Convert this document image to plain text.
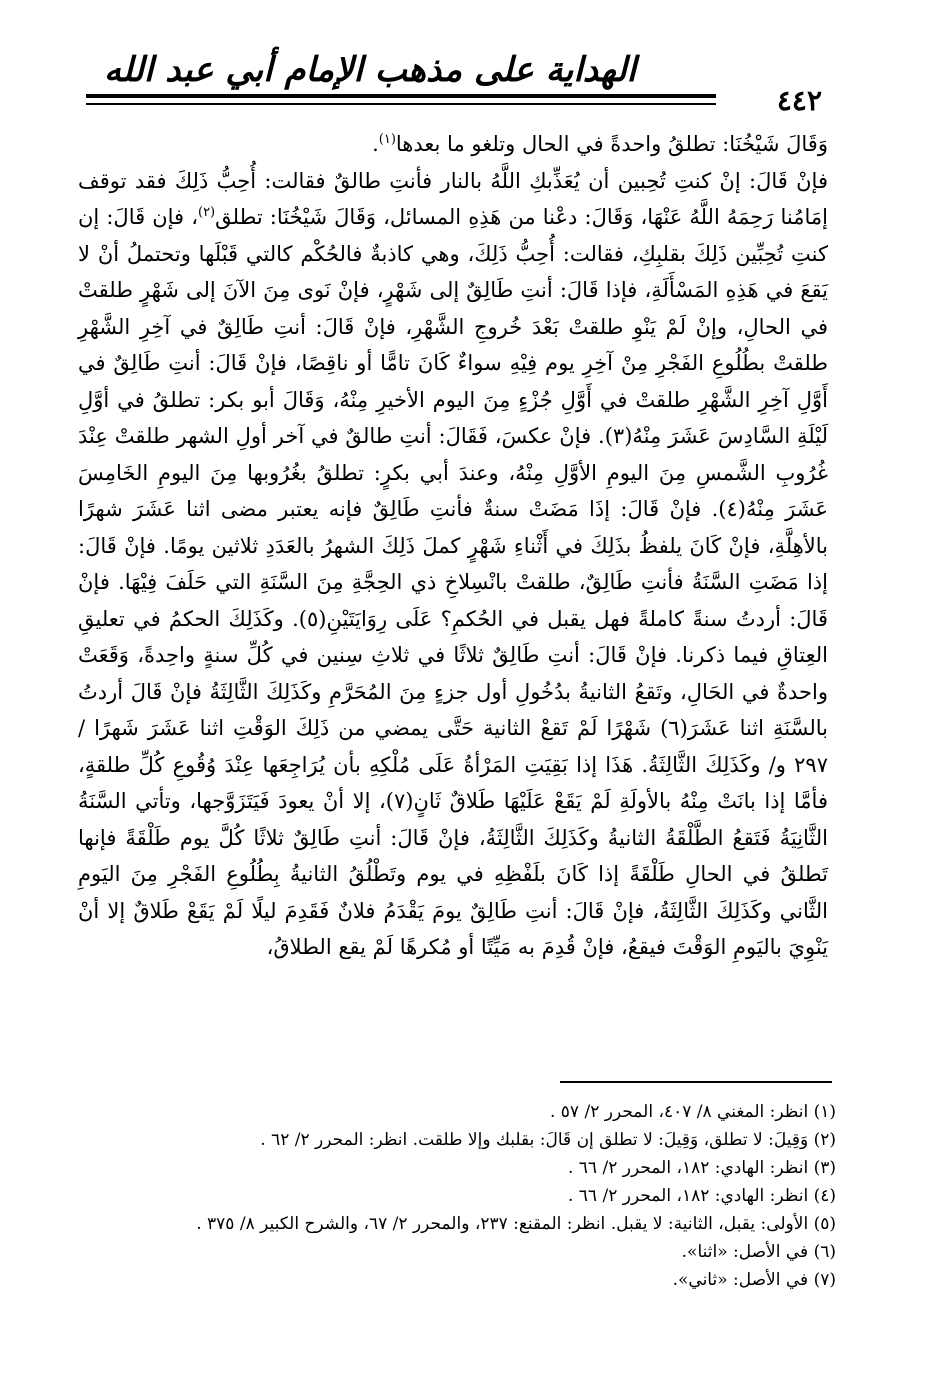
الهداية على مذهب الإمام أبي عبد الله
٤٤٢

وَقَالَ شَيْخُنَا: تطلقُ واحدةً في الحال وتلغو ما بعدها$^{(١)}$.

فإنْ قَالَ: إنْ كنتِ تُحِبين أن يُعَذِّبكِ اللَّهُ بالنار فأنتِ طالقٌ فقالت: أُحِبُّ ذَلِكَ فقد توقف إمَامُنا رَحِمَهُ اللَّهُ عَنْهَا، وَقَالَ: دعْنا من هَذِهِ المسائل، وَقَالَ شَيْخُنَا: تطلق$^{(٢)}$، فإن قَالَ: إن كنتِ تُحِبِّين ذَلِكَ بقلبِكِ، فقالت: أُحِبُّ ذَلِكَ، وهي كاذبةٌ فالحُكْم كالتي قَبْلَها وتحتملُ أنْ لا يَقعَ في هَذِهِ المَسْأَلَةِ، فإذا قَالَ: أنتِ طَالِقٌ إلى شَهْرٍ، فإنْ نَوى مِنَ الآنَ إلى شَهْرٍ طلقتْ في الحالِ، وإنْ لَمْ يَنْوِ طلقتْ بَعْدَ خُروجِ الشَّهْرِ، فإنْ قَالَ: أنتِ طَالِقٌ في آخِرِ الشَّهْرِ طلقتْ بطُلُوعِ الفَجْرِ مِنْ آخِرِ يوم فِيْهِ سواءٌ كَانَ تامًّا أو ناقِصًا، فإنْ قَالَ: أنتِ طَالِقٌ في أَوَّلِ آخِرِ الشَّهْرِ طلقتْ في أَوَّلِ جُزْءٍ مِنَ اليوم الأخيرِ مِنْهُ، وَقَالَ أبو بكر: تطلقُ في أوَّلِ لَيْلَةِ السَّادِسَ عَشَرَ مِنْهُ(٣). فإنْ عكسَ، فَقَالَ: أنتِ طالقٌ في آخر أولِ الشهر طلقتْ عِنْدَ غُرُوبِ الشَّمسِ مِنَ اليومِ الأوَّلِ مِنْهُ، وعندَ أبي بكرٍ: تطلقُ بغُرُوبها مِنَ اليومِ الخَامِسَ عَشَرَ مِنْهُ(٤). فإنْ قَالَ: إذَا مَضَتْ سنةٌ فأنتِ طَالِقٌ فإنه يعتبر مضى اثنا عَشَرَ شهرًا بالأهِلَّةِ، فإنْ كَانَ يلفظُ بذَلِكَ في أَثْناءِ شَهْرٍ كملَ ذَلِكَ الشهرُ بالعَدَدِ ثلاثين يومًا. فإنْ قَالَ: إذا مَضَتِ السَّنَةُ فأنتِ طَالِقٌ، طلقتْ بانْسِلاخِ ذي الحِجَّةِ مِنَ السَّنَةِ التي حَلَفَ فِيْهَا. فإنْ قَالَ: أردتُ سنةً كاملةً فهل يقبل في الحُكمِ؟ عَلَى رِوَايَتَيْنِ(٥). وكَذَلِكَ الحكمُ في تعليقِ العِتاقِ فيما ذكرنا. فإنْ قَالَ: أنتِ طَالِقٌ ثلاثًا في ثلاثِ سِنين في كُلِّ سنةٍ واحِدةً، وَقَعَتْ واحدةٌ في الحَالِ، وتَقعُ الثانيةُ بدُخُولِ أول جزءٍ مِنَ المُحَرَّمِ وكَذَلِكَ الثَّالِثَةُ فإنْ قَالَ أردتُ بالسَّنَةِ اثنا عَشَرَ(٦) شَهْرًا لَمْ تَقعْ الثانية حَتَّى يمضي من ذَلِكَ الوَقْتِ اثنا عَشَرَ شَهرًا / ٢٩٧ و/ وكَذَلِكَ الثَّالِثَةُ. هَذَا إذا بَقِيَتِ المَرْأةُ عَلَى مُلْكِهِ بأن يُرَاجِعَها عِنْدَ وُقُوعِ كُلِّ طلقةٍ، فأمَّا إذا بانَتْ مِنْهُ بالأولَةِ لَمْ يَقَعْ عَلَيْهَا طَلاقٌ ثَانٍ(٧)، إلا أنْ يعودَ فَيَتَزَوَّجها، وتأتي السَّنَةُ الثَّانِيَةُ فَتَقعُ الطَّلْقَةُ الثانيةُ وكَذَلِكَ الثَّالِثَةُ، فإنْ قَالَ: أنتِ طَالِقٌ ثلاثًا كُلَّ يوم طَلْقَةً فإنها تَطلقُ في الحالِ طَلْقَةً إذا كَانَ بلَفْظِهِ في يوم وتَطْلُقُ الثانيةُ بِطُلُوعِ الفَجْرِ مِنَ اليَومِ الثَّاني وكَذَلِكَ الثَّالِثَةُ، فإنْ قَالَ: أنتِ طَالِقٌ يومَ يَقْدَمُ فلانٌ فَقَدِمَ ليلًا لَمْ يَقَعْ طَلاقٌ إلا أنْ يَنْوِيَ باليَومِ الوَقْتَ فيقعُ، فإنْ قُدِمَ به مَيِّتًا أو مُكرهًا لَمْ يقع الطلاقُ،

(١) انظر: المغني ٨/ ٤٠٧، المحرر ٢/ ٥٧ .
(٢) وَقِيلَ: لا تطلق، وَقِيلَ: لا تطلق إن قَالَ: بقلبك وإلا طلقت. انظر: المحرر ٢/ ٦٢ .
(٣) انظر: الهادي: ١٨٢، المحرر ٢/ ٦٦ .
(٤) انظر: الهادي: ١٨٢، المحرر ٢/ ٦٦ .
(٥) الأولى: يقبل، الثانية: لا يقبل. انظر: المقنع: ٢٣٧، والمحرر ٢/ ٦٧، والشرح الكبير ٨/ ٣٧٥ .
(٦) في الأصل: «اثنا».
(٧) في الأصل: «ثاني».
